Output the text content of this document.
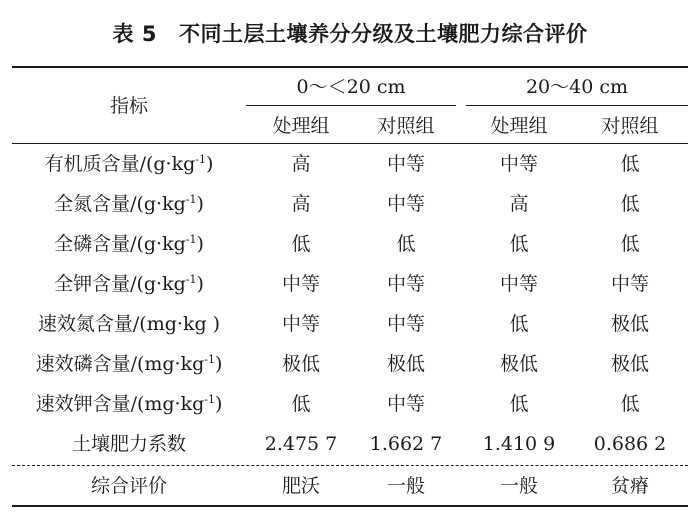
表 5 不同土层土壤养分分级及土壤肥力综合评价
指标
0～＜20 cm	20～40 cm
处理组	对照组	处理组	对照组
有机质含量$/(g\cdot kg^{-1})$	高	中等	中等	低
全氮含量$/(g\cdot kg^{-1})$	高	中等	高	低
全磷含量$/(g\cdot kg^{-1})$	低	低	低	低
全钾含量$/(g\cdot kg^{-1})$	中等	中等	中等	中等
速效氮含量/(mg·kg )	中等	中等	低	极低
速效磷含量$/(mg\cdot kg^{-1})$	极低	极低	极低	极低
速效钾含量$/(mg\cdot kg^{-1})$	低	中等	低	低
土壤肥力系数	2.475 7	1.662 7	1.410 9	0.686 2
综合评价	肥沃	一般	一般	贫瘠
